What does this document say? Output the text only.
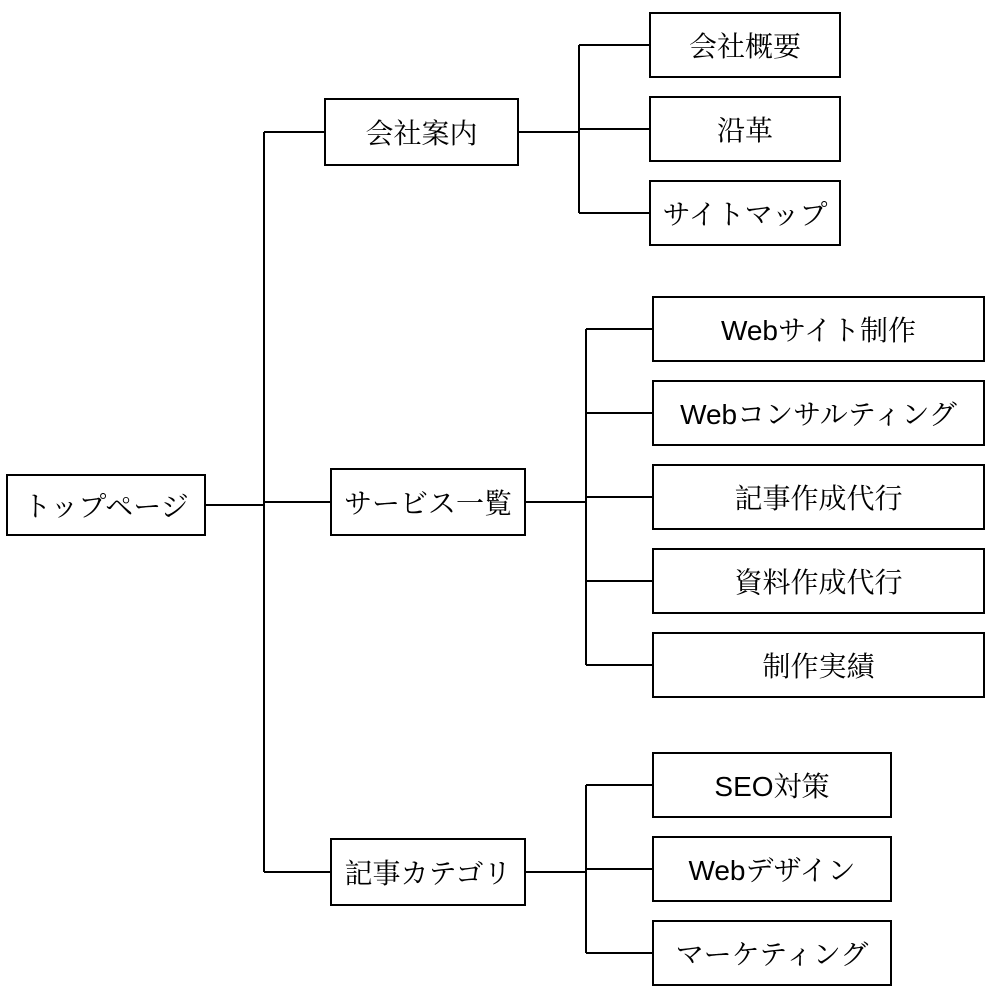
トップページ
会社案内
会社概要
沿革
サイトマップ
サービス一覧
Webサイト制作
Webコンサルティング
記事作成代行
資料作成代行
制作実績
記事カテゴリ
SEO対策
Webデザイン
マーケティング
